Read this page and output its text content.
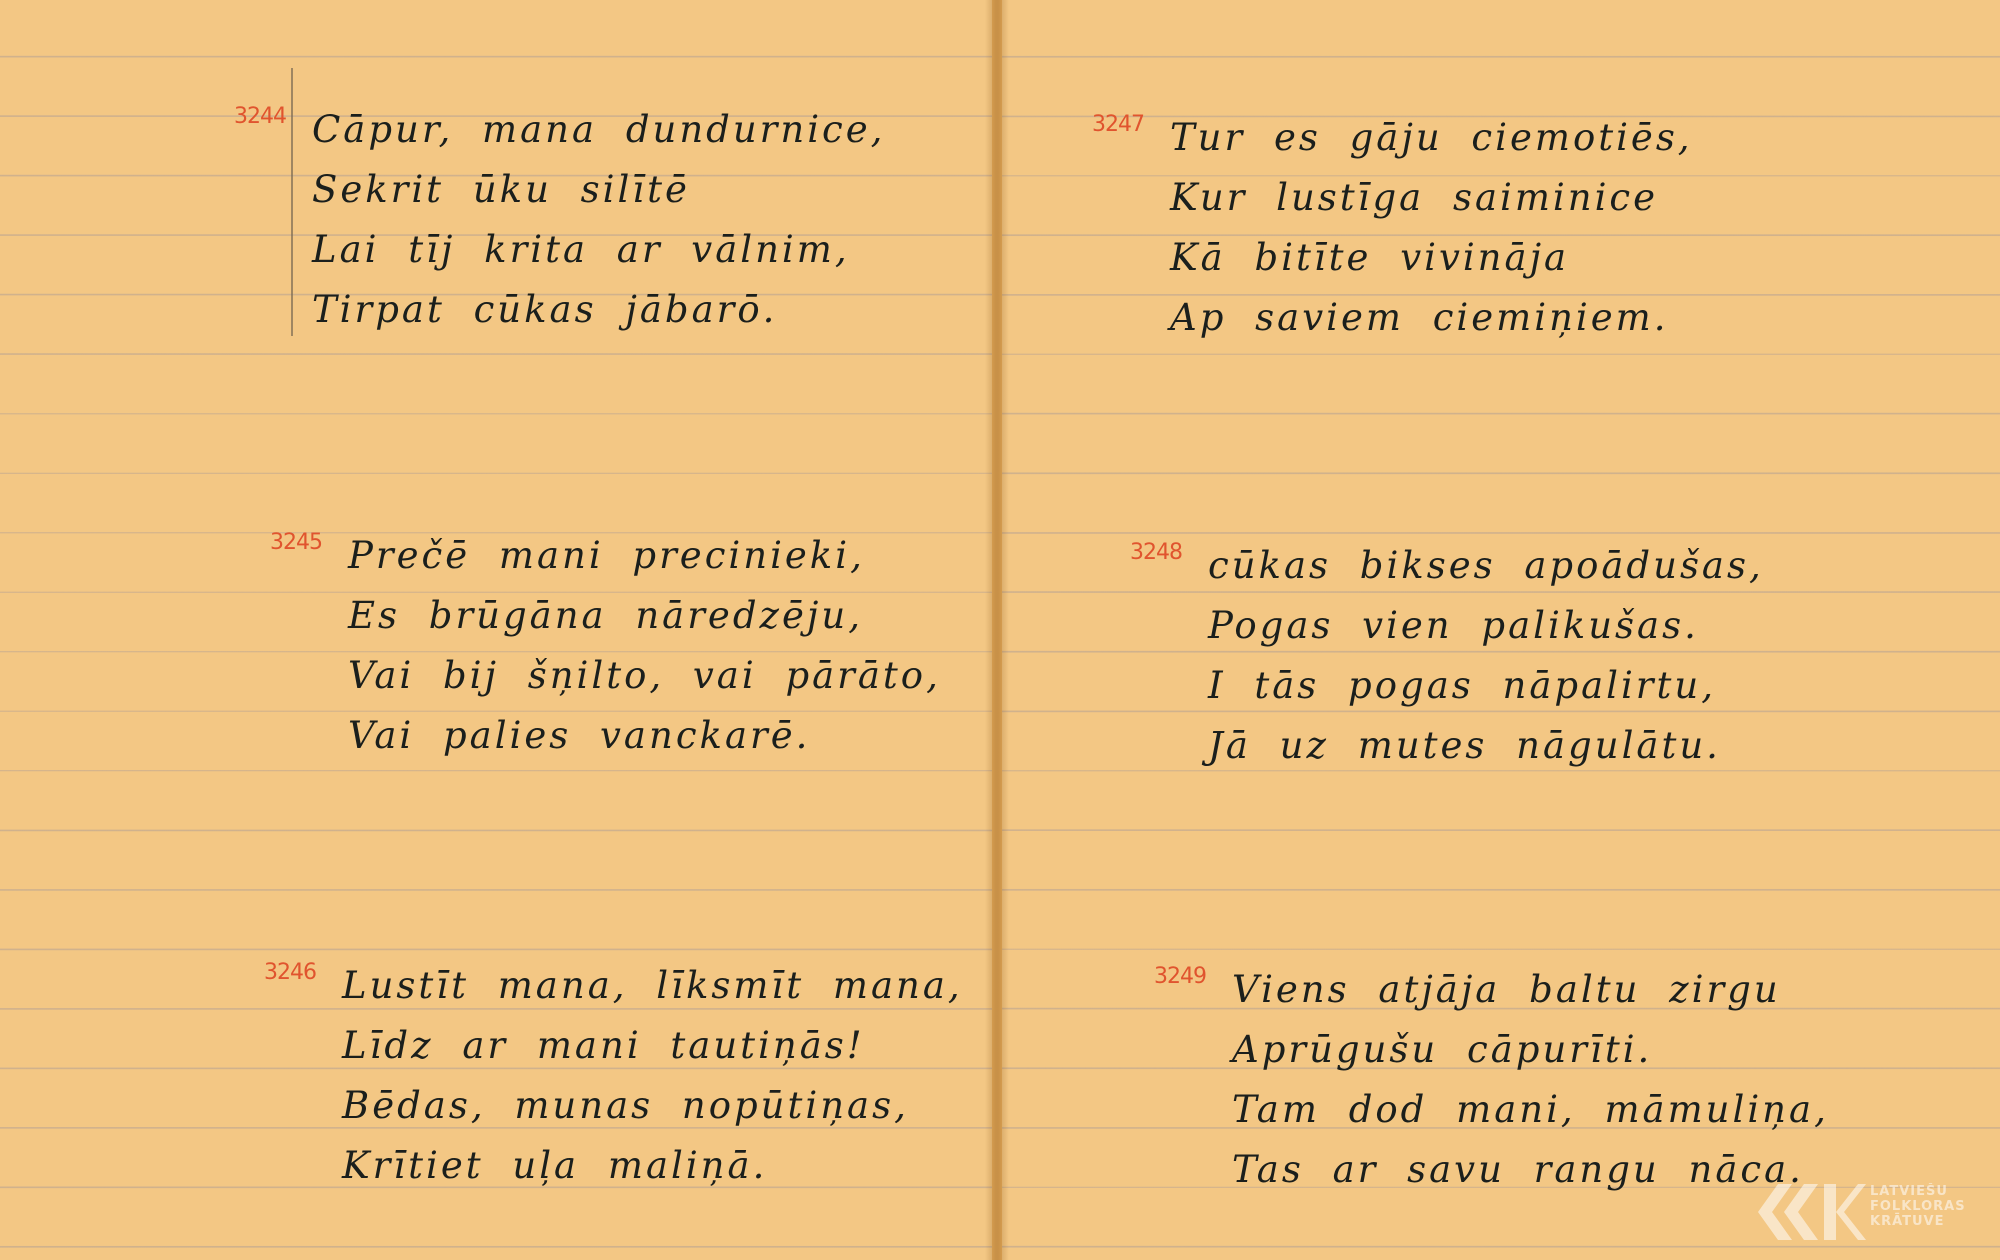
3244 Cāpur, mana dundurnice,
Sekrit ūku silītē
Lai tīj krita ar vālnim,
Tirpat cūkas jābarō.
3245 Prečē mani precinieki,
Es brūgāna nāredzēju,
Vai bij šņilto, vai pārāto,
Vai palies vanckarē.
3246 Lustīt mana, līksmīt mana,
Līdz ar mani tautiņās!
Bēdas, munas nopūtiņas,
Krītiet uļa maliņā.
3247 Tur es gāju ciemotiēs,
Kur lustīga saiminice
Kā bitīte vivināja
Ap saviem ciemiņiem.
3248 cūkas bikses apoādušas,
Pogas vien palikušas.
I tās pogas nāpalirtu,
Jā uz mutes nāgulātu.
3249 Viens atjāja baltu zirgu
Aprūgušu cāpurīti.
Tam dod mani, māmuliņa,
Tas ar savu rangu nāca.
LATVIEŠU
FOLKLORAS
KRĀTUVE
